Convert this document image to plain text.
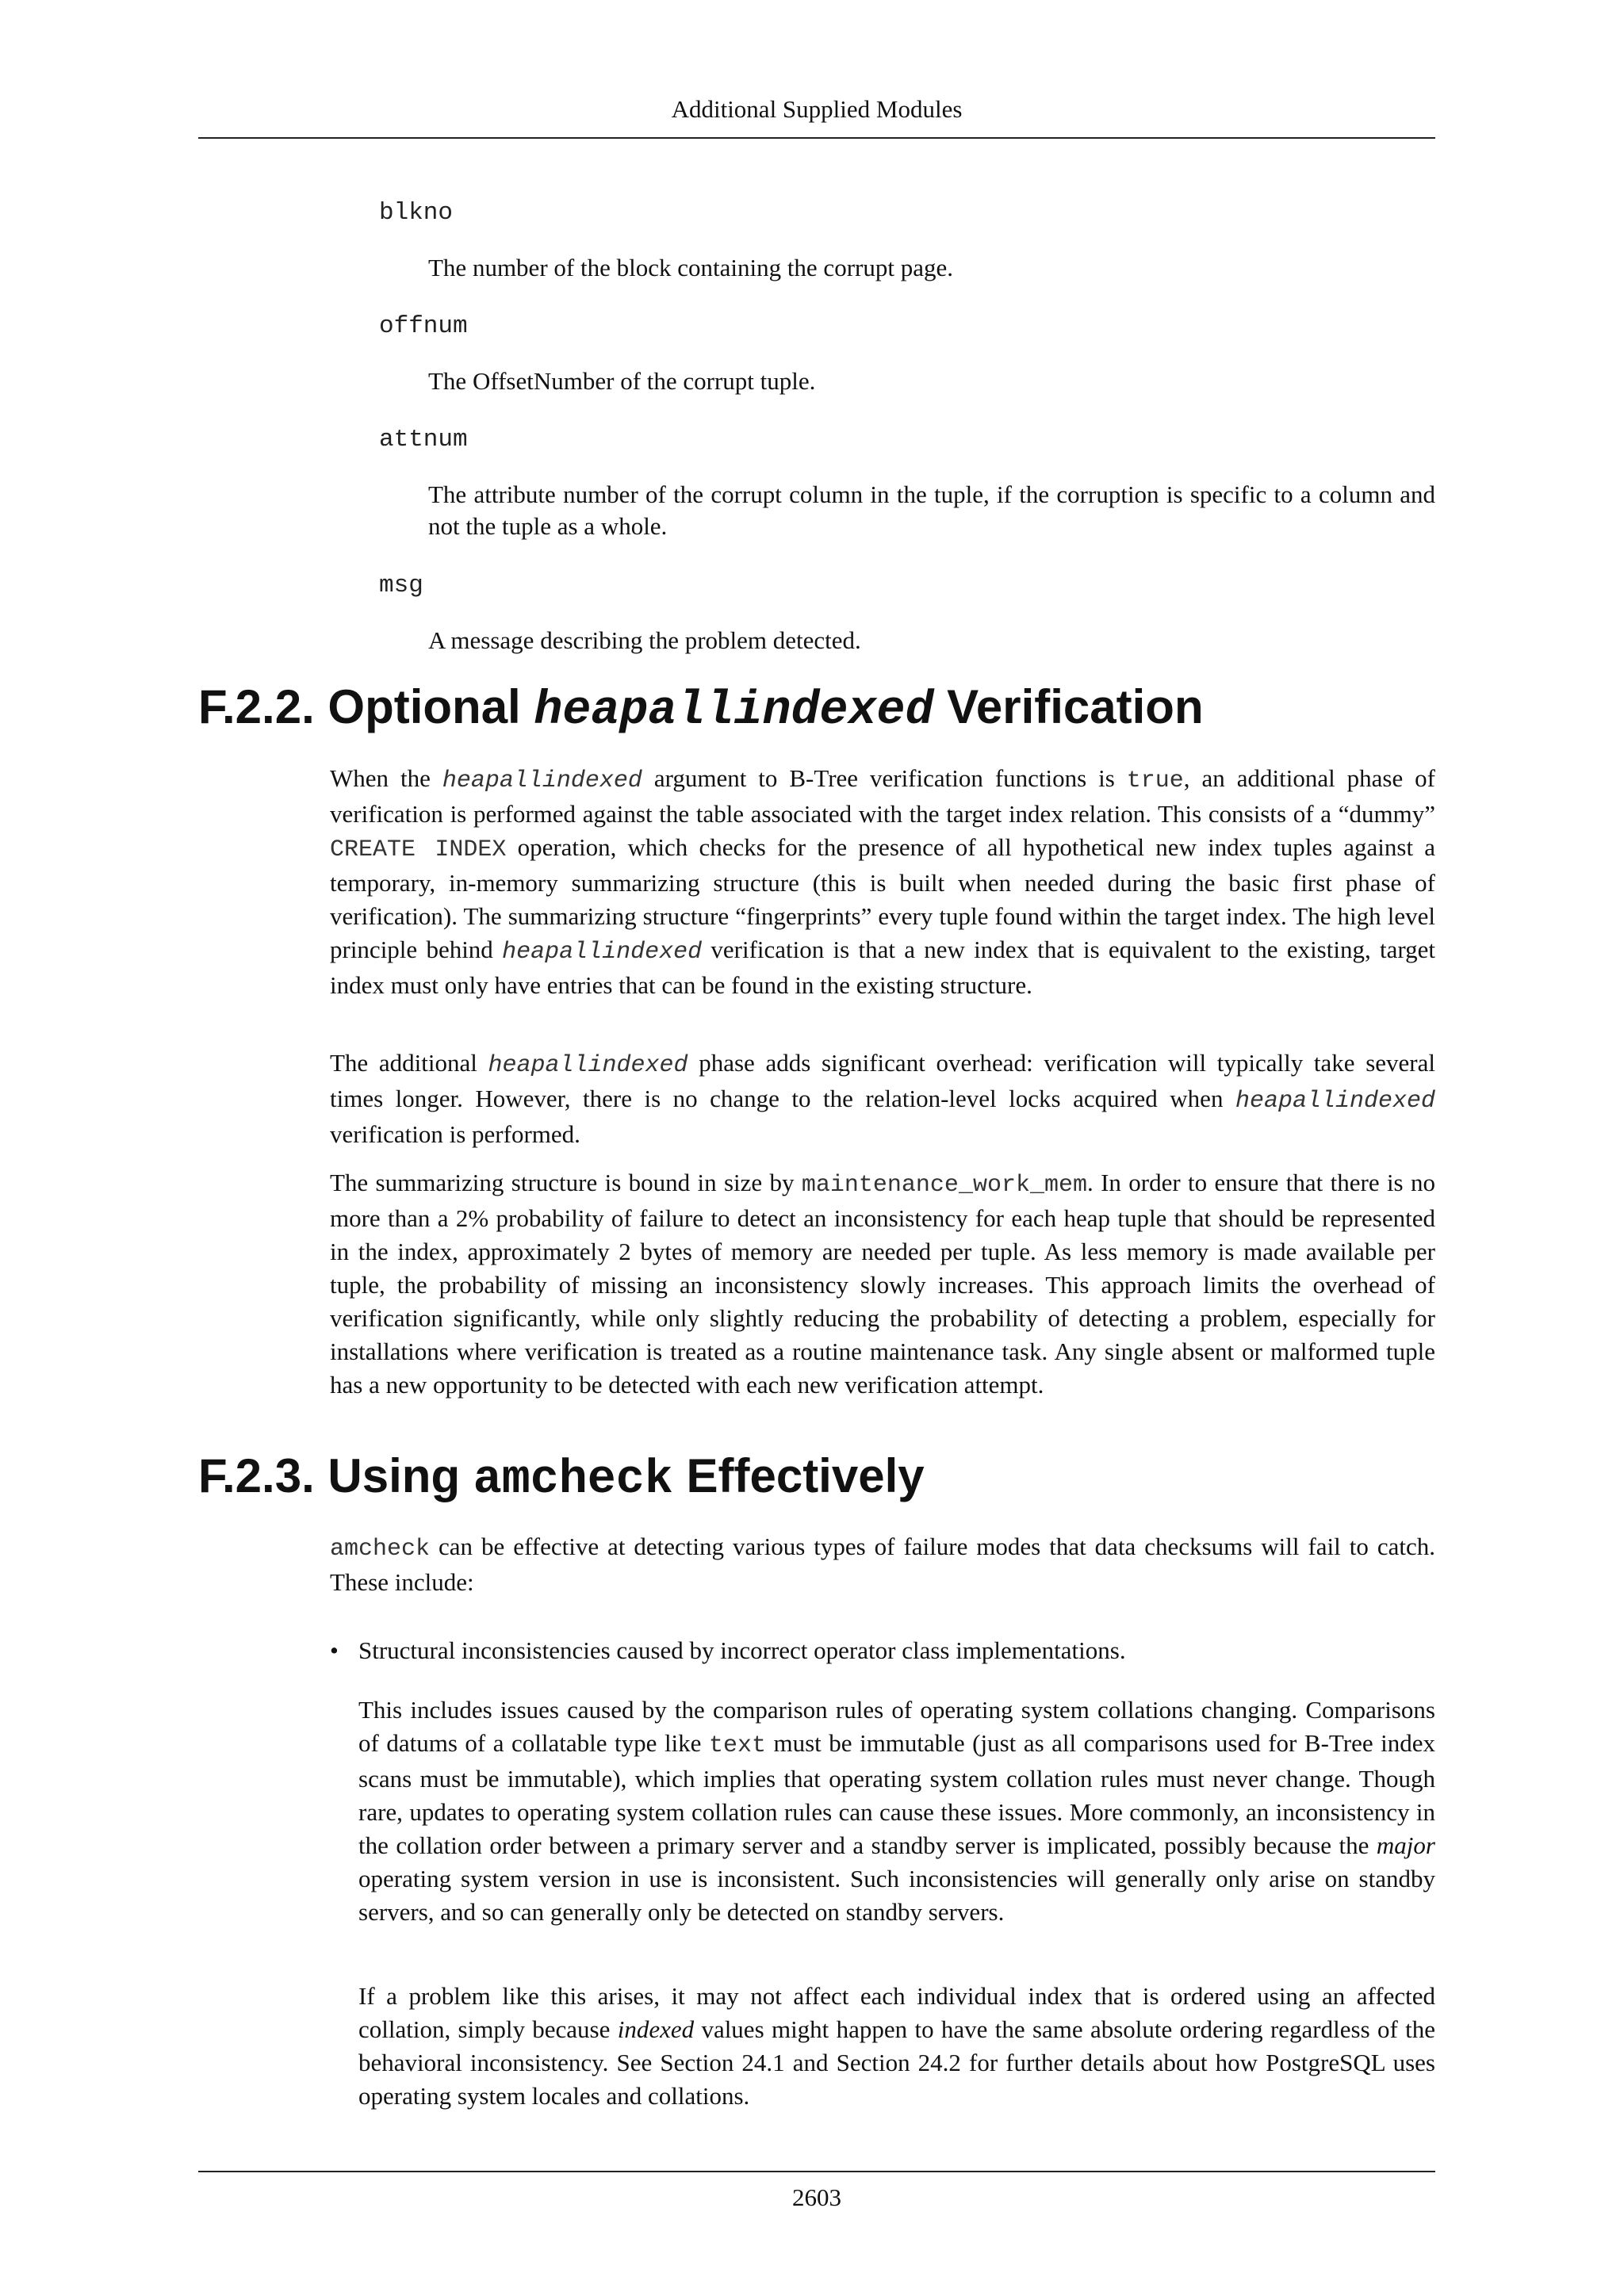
Additional Supplied Modules
blkno
The number of the block containing the corrupt page.
offnum
The OffsetNumber of the corrupt tuple.
attnum
The attribute number of the corrupt column in the tuple, if the corruption is specific to a column and not the tuple as a whole.
msg
A message describing the problem detected.
F.2.2. Optional heapallindexed Verification

When the heapallindexed argument to B-Tree verification functions is true, an additional phase of verification is performed against the table associated with the target index relation. This consists of a “dummy” CREATE INDEX operation, which checks for the presence of all hypothetical new index tuples against a temporary, in-memory summarizing structure (this is built when needed during the basic first phase of verification). The summarizing structure “fingerprints” every tuple found within the target index. The high level principle behind heapallindexed verification is that a new index that is equivalent to the existing, target index must only have entries that can be found in the existing structure.

The additional heapallindexed phase adds significant overhead: verification will typically take several times longer. However, there is no change to the relation-level locks acquired when heapallindexed verification is performed.

The summarizing structure is bound in size by maintenance_work_mem. In order to ensure that there is no more than a 2% probability of failure to detect an inconsistency for each heap tuple that should be represented in the index, approximately 2 bytes of memory are needed per tuple. As less memory is made available per tuple, the probability of missing an inconsistency slowly increases. This approach limits the overhead of verification significantly, while only slightly reducing the probability of detecting a problem, especially for installations where verification is treated as a routine maintenance task. Any single absent or malformed tuple has a new opportunity to be detected with each new verification attempt.

F.2.3. Using amcheck Effectively

amcheck can be effective at detecting various types of failure modes that data checksums will fail to catch. These include:

• Structural inconsistencies caused by incorrect operator class implementations.

This includes issues caused by the comparison rules of operating system collations changing. Comparisons of datums of a collatable type like text must be immutable (just as all comparisons used for B-Tree index scans must be immutable), which implies that operating system collation rules must never change. Though rare, updates to operating system collation rules can cause these issues. More commonly, an inconsistency in the collation order between a primary server and a standby server is implicated, possibly because the major operating system version in use is inconsistent. Such inconsistencies will generally only arise on standby servers, and so can generally only be detected on standby servers.

If a problem like this arises, it may not affect each individual index that is ordered using an affected collation, simply because indexed values might happen to have the same absolute ordering regardless of the behavioral inconsistency. See Section 24.1 and Section 24.2 for further details about how PostgreSQL uses operating system locales and collations.

2603
